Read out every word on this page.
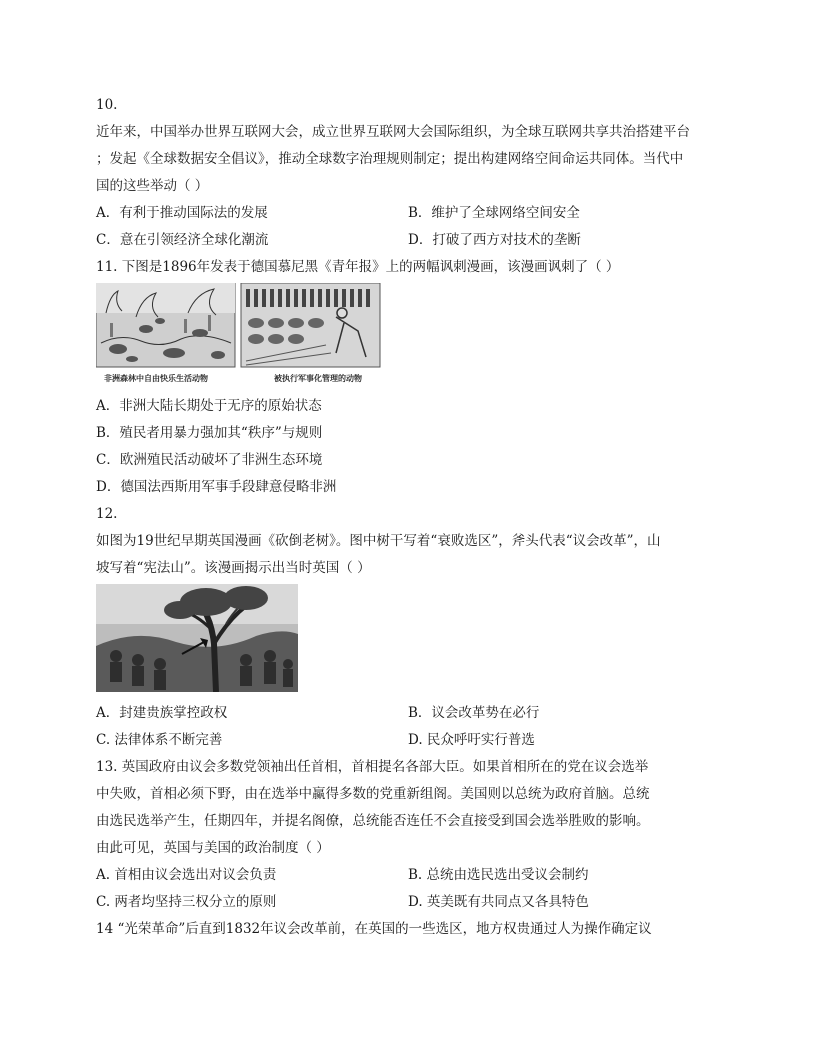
10.
近年来，中国举办世界互联网大会，成立世界互联网大会国际组织，为全球互联网共享共治搭建平台
；发起《全球数据安全倡议》，推动全球数字治理规则制定；提出构建网络空间命运共同体。当代中
国的这些举动（ ）
A．有利于推动国际法的发展	B．维护了全球网络空间安全
C．意在引领经济全球化潮流	D．打破了西方对技术的垄断
11. 下图是1896年发表于德国慕尼黑《青年报》上的两幅讽刺漫画，该漫画讽刺了（ ）
非洲森林中自由快乐生活动物	被执行军事化管理的动物
A．非洲大陆长期处于无序的原始状态
B．殖民者用暴力强加其“秩序”与规则
C．欧洲殖民活动破坏了非洲生态环境
D．德国法西斯用军事手段肆意侵略非洲
12.
如图为19世纪早期英国漫画《砍倒老树》。图中树干写着“衰败选区”，斧头代表“议会改革”，山
坡写着“宪法山”。该漫画揭示出当时英国（ ）
A．封建贵族掌控政权	B．议会改革势在必行
C. 法律体系不断完善	D. 民众呼吁实行普选
13. 英国政府由议会多数党领袖出任首相，首相提名各部大臣。如果首相所在的党在议会选举
中失败，首相必须下野，由在选举中赢得多数的党重新组阁。美国则以总统为政府首脑。总统
由选民选举产生，任期四年，并提名阁僚，总统能否连任不会直接受到国会选举胜败的影响。
由此可见，英国与美国的政治制度（ ）
A. 首相由议会选出对议会负责	B. 总统由选民选出受议会制约
C. 两者均坚持三权分立的原则	D. 英美既有共同点又各具特色
14 “光荣革命”后直到1832年议会改革前，在英国的一些选区，地方权贵通过人为操作确定议
